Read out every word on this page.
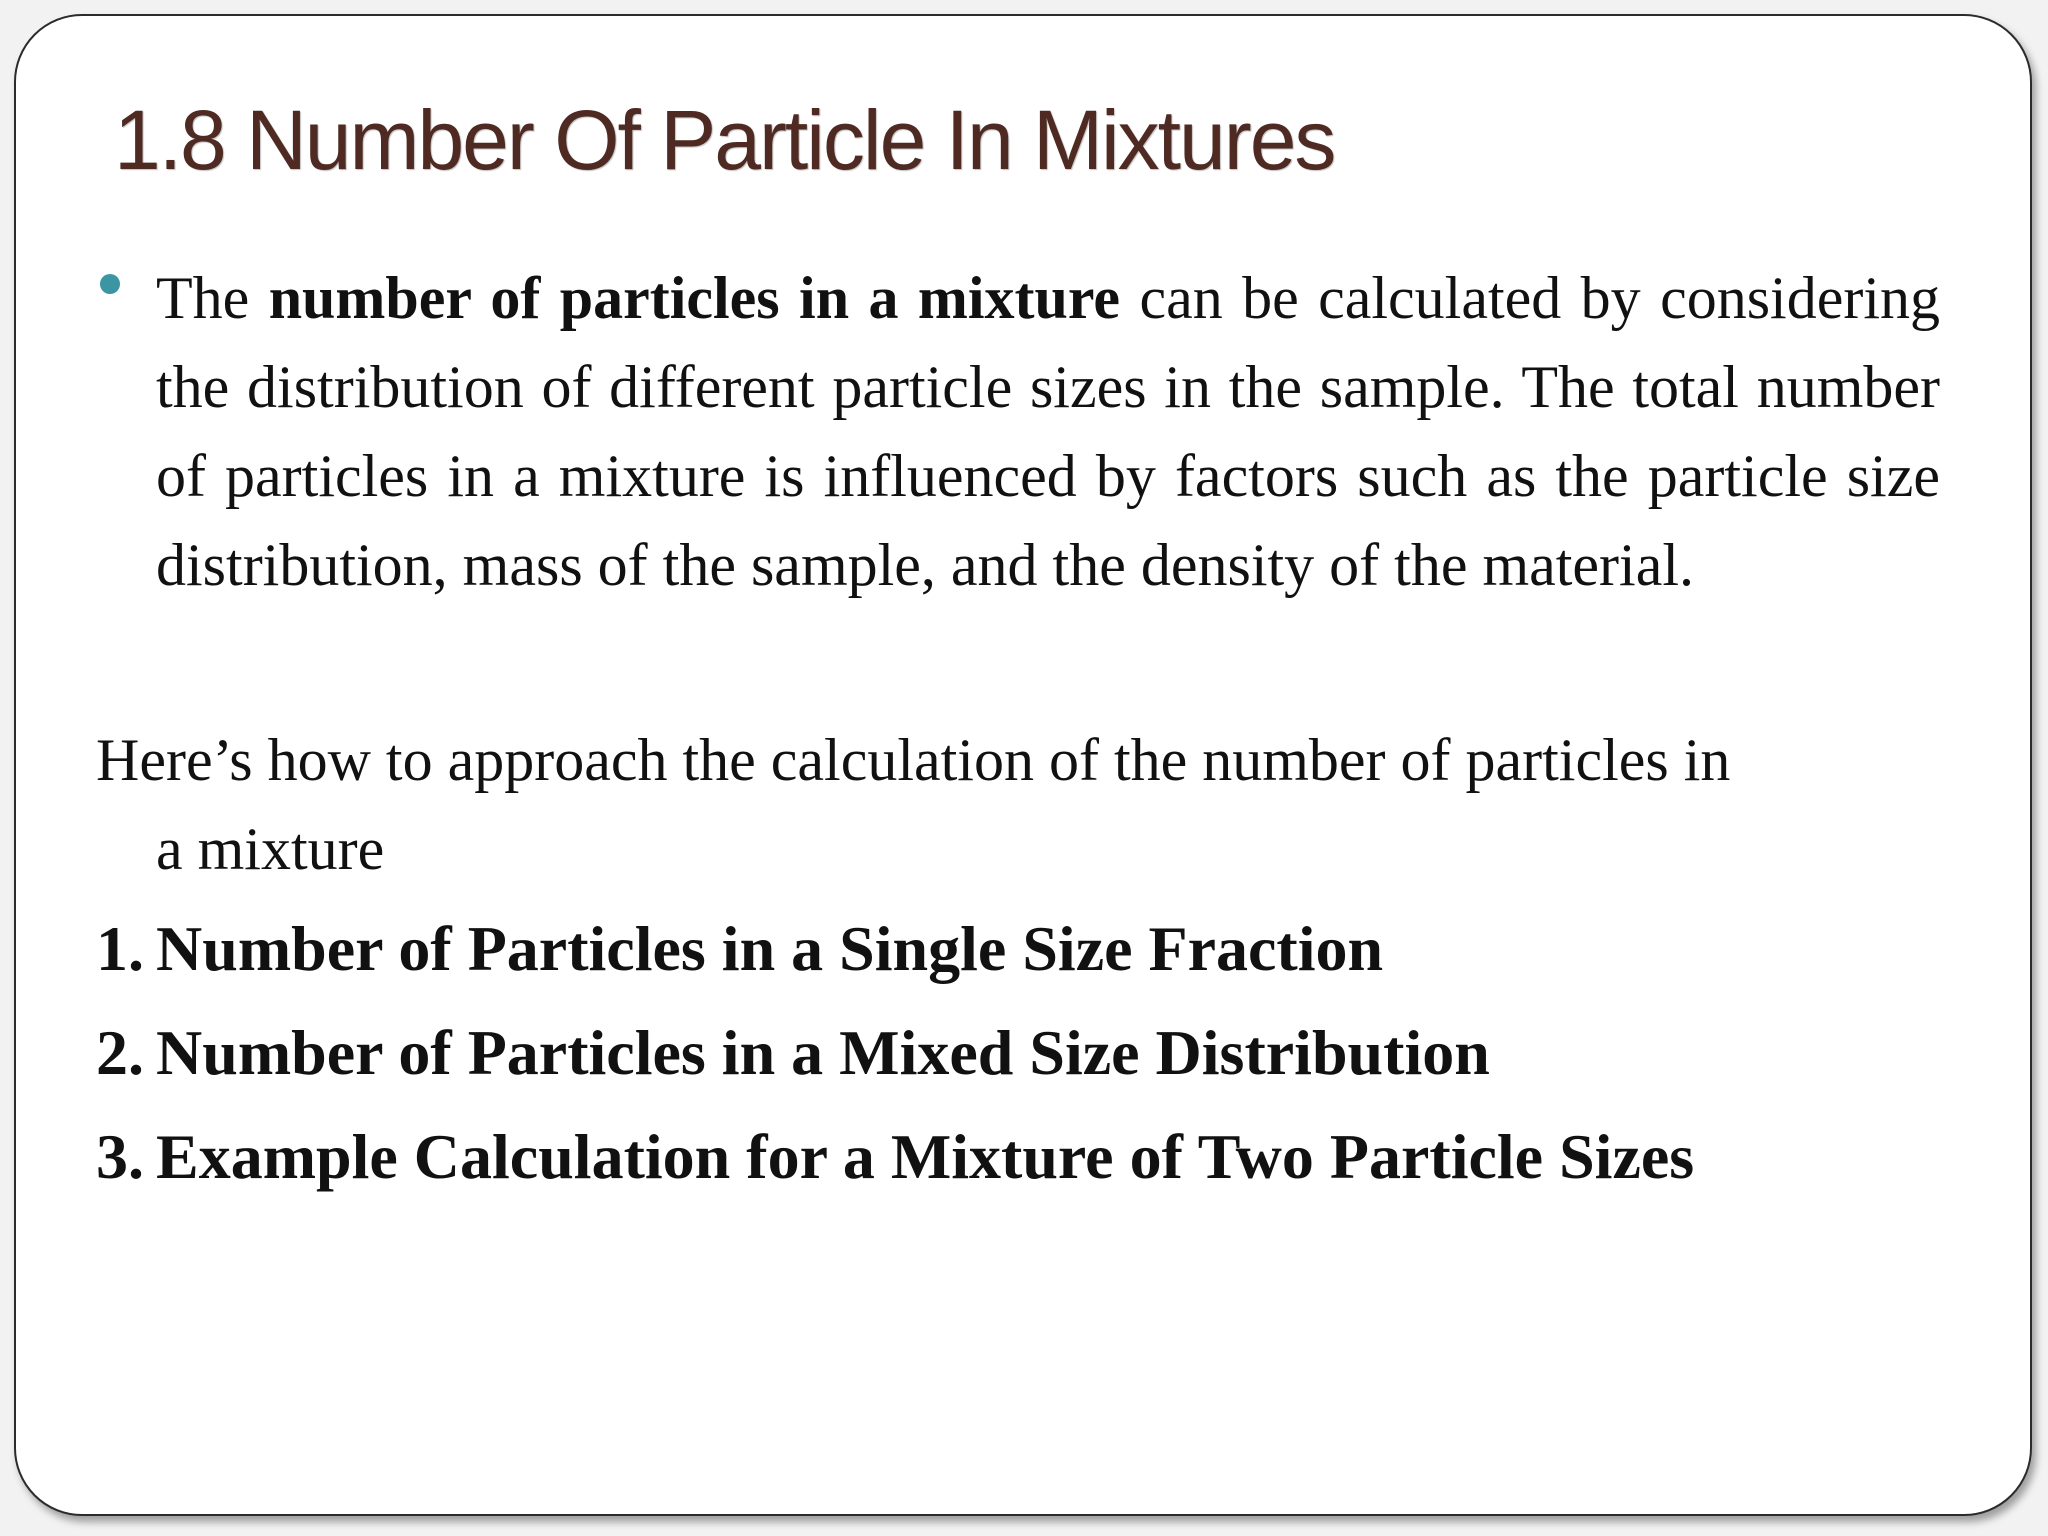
1.8 Number Of Particle In Mixtures
The number of particles in a mixture can be calculated by considering the distribution of different particle sizes in the sample. The total number of particles in a mixture is influenced by factors such as the particle size distribution, mass of the sample, and the density of the material.
Here’s how to approach the calculation of the number of particles in
a mixture
1. Number of Particles in a Single Size Fraction
2. Number of Particles in a Mixed Size Distribution
3. Example Calculation for a Mixture of Two Particle Sizes
